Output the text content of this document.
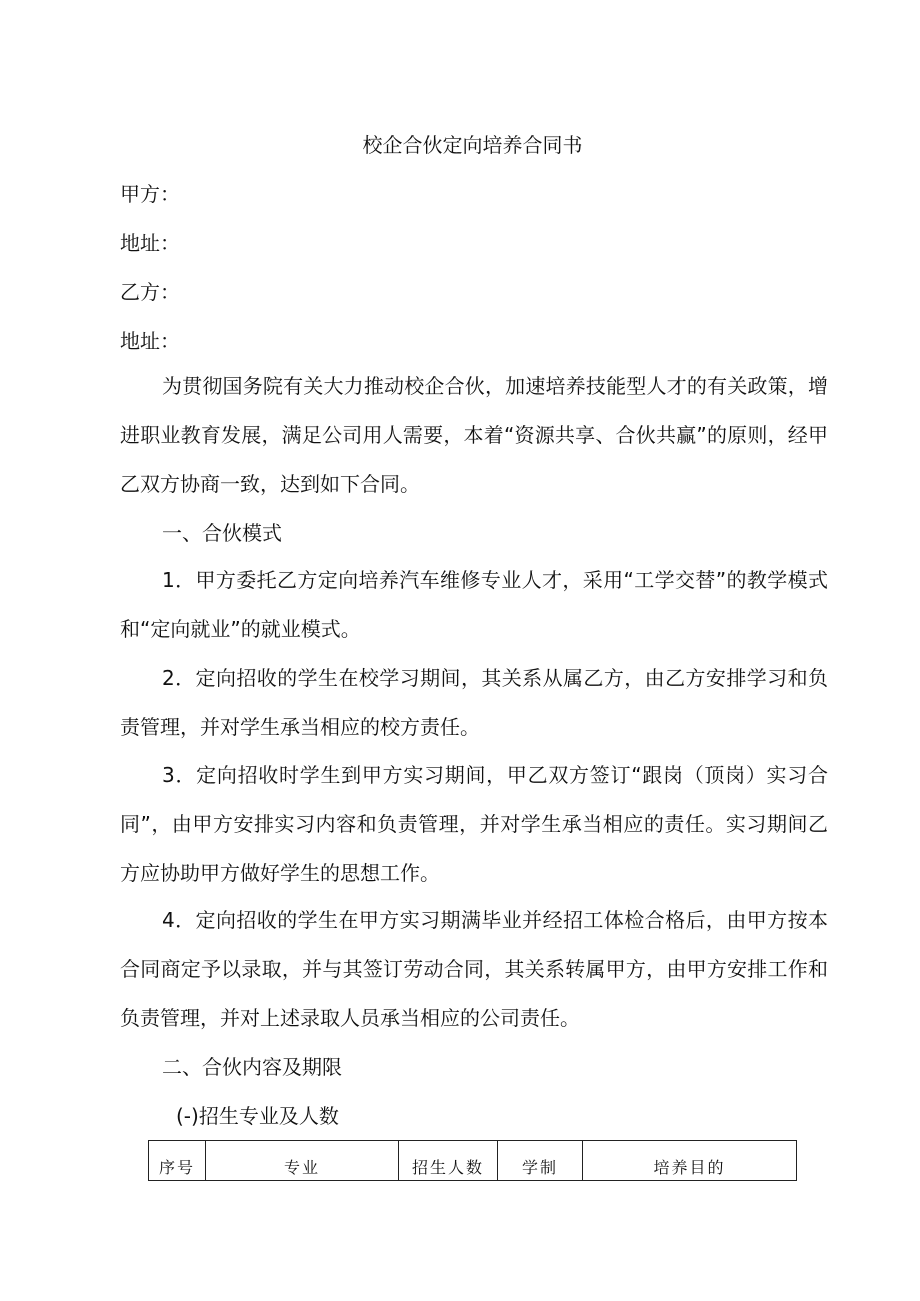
校企合伙定向培养合同书
甲方：
地址：
乙方：
地址：
为贯彻国务院有关大力推动校企合伙，加速培养技能型人才的有关政策，增进职业教育发展，满足公司用人需要，本着“资源共享、合伙共赢”的原则，经甲乙双方协商一致，达到如下合同。
一、合伙模式
1．甲方委托乙方定向培养汽车维修专业人才，采用“工学交替”的教学模式和“定向就业”的就业模式。
2．定向招收的学生在校学习期间，其关系从属乙方，由乙方安排学习和负责管理，并对学生承当相应的校方责任。
3．定向招收时学生到甲方实习期间，甲乙双方签订“跟岗（顶岗）实习合同”，由甲方安排实习内容和负责管理，并对学生承当相应的责任。实习期间乙方应协助甲方做好学生的思想工作。
4．定向招收的学生在甲方实习期满毕业并经招工体检合格后，由甲方按本合同商定予以录取，并与其签订劳动合同，其关系转属甲方，由甲方安排工作和负责管理，并对上述录取人员承当相应的公司责任。
二、合伙内容及期限
(-)招生专业及人数
序号	专业	招生人数	学制	培养目的
